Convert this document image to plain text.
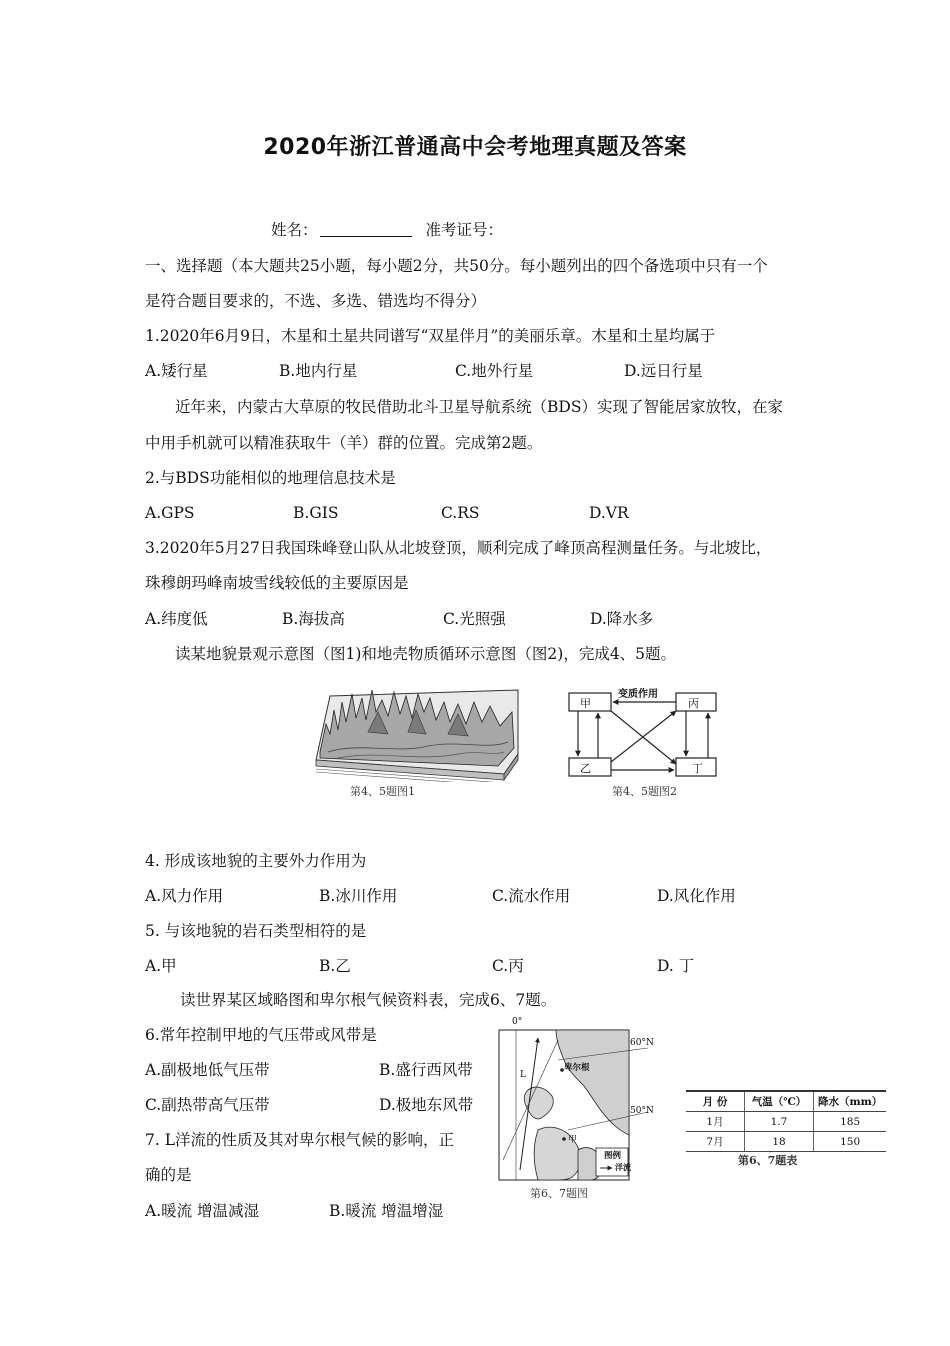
2020年浙江普通高中会考地理真题及答案
姓名：	准考证号：
一、选择题（本大题共25小题，每小题2分，共50分。每小题列出的四个备选项中只有一个
是符合题目要求的，不选、多选、错选均不得分）
1.2020年6月9日，木星和土星共同谱写“双星伴月”的美丽乐章。木星和土星均属于
A.矮行星	B.地内行星	C.地外行星	D.远日行星
近年来，内蒙古大草原的牧民借助北斗卫星导航系统（BDS）实现了智能居家放牧，在家
中用手机就可以精准获取牛（羊）群的位置。完成第2题。
2.与BDS功能相似的地理信息技术是
A.GPS	B.GIS	C.RS	D.VR
3.2020年5月27日我国珠峰登山队从北坡登顶，顺利完成了峰顶高程测量任务。与北坡比，
珠穆朗玛峰南坡雪线较低的主要原因是
A.纬度低	B.海拔高	C.光照强	D.降水多
读某地貌景观示意图（图1)和地壳物质循环示意图（图2)，完成4、5题。
第4、5题图1
变质作用
甲	丙
乙	丁
第4、5题图2
4. 形成该地貌的主要外力作用为
A.风力作用	B.冰川作用	C.流水作用	D.风化作用
5. 与该地貌的岩石类型相符的是
A.甲	B.乙	C.丙	D. 丁
读世界某区域略图和卑尔根气候资料表，完成6、7题。
6.常年控制甲地的气压带或风带是
A.副极地低气压带	B.盛行西风带
C.副热带高气压带	D.极地东风带
7. L洋流的性质及其对卑尔根气候的影响，正
确的是
A.暖流 增温减湿	B.暖流 增温增湿
0°
60°N
50°N
卑尔根
甲
L
图例
洋流
第6、7题图
月 份	气温（℃）	降水（mm）
1月	1.7	185
7月	18	150
第6、7题表
